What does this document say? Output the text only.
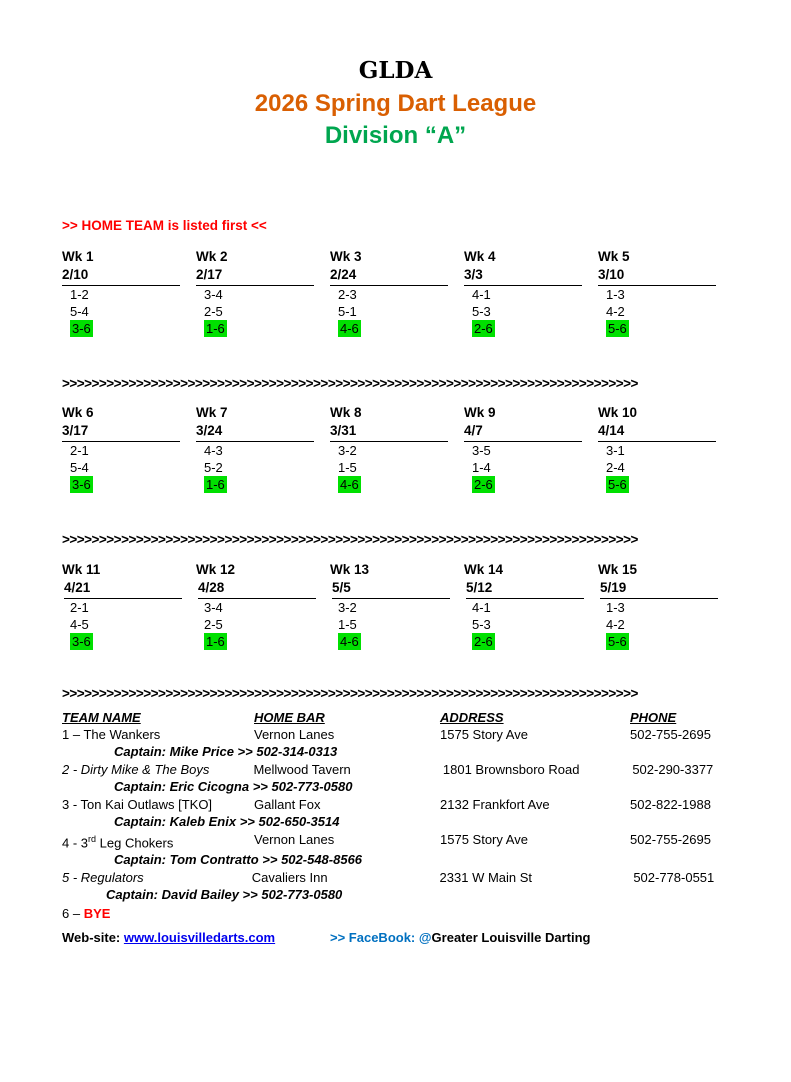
GLDA
2026 Spring Dart League
Division “A”
>> HOME TEAM is listed first <<
Wk 1
2/10
1-2
5-4
3-6
Wk 2
2/17
3-4
2-5
1-6
Wk 3
2/24
2-3
5-1
4-6
Wk 4
3/3
4-1
5-3
2-6
Wk 5
3/10
1-3
4-2
5-6
>>>>>>>>>>>>>>>>>>>>>>>>>>>>>>>>>>>>>>>>>>>>>>>>>>>>>>>>>>>>>>>>>>>>>>>>>>>>>>
Wk 6
3/17
2-1
5-4
3-6
Wk 7
3/24
4-3
5-2
1-6
Wk 8
3/31
3-2
1-5
4-6
Wk 9
4/7
3-5
1-4
2-6
Wk 10
4/14
3-1
2-4
5-6
>>>>>>>>>>>>>>>>>>>>>>>>>>>>>>>>>>>>>>>>>>>>>>>>>>>>>>>>>>>>>>>>>>>>>>>>>>>>>>
Wk 11
4/21
2-1
4-5
3-6
Wk 12
4/28
3-4
2-5
1-6
Wk 13
5/5
3-2
1-5
4-6
Wk 14
5/12
4-1
5-3
2-6
Wk 15
5/19
1-3
4-2
5-6
>>>>>>>>>>>>>>>>>>>>>>>>>>>>>>>>>>>>>>>>>>>>>>>>>>>>>>>>>>>>>>>>>>>>>>>>>>>>>>
TEAM NAME	HOME BAR	ADDRESS	PHONE
1 – The Wankers	Vernon Lanes	1575 Story Ave	502-755-2695
Captain: Mike Price >> 502-314-0313
2 - Dirty Mike & The Boys	Mellwood Tavern	1801 Brownsboro Road	502-290-3377
Captain: Eric Cicogna >> 502-773-0580
3 - Ton Kai Outlaws [TKO]	Gallant Fox	2132 Frankfort Ave	502-822-1988
Captain: Kaleb Enix >> 502-650-3514
4 - 3rd Leg Chokers	Vernon Lanes	1575 Story Ave	502-755-2695
Captain: Tom Contratto >> 502-548-8566
5 - Regulators	Cavaliers Inn	2331 W Main St	502-778-0551
Captain: David Bailey >> 502-773-0580
6 – BYE
Web-site: www.louisvilledarts.com	>> FaceBook: @Greater Louisville Darting
